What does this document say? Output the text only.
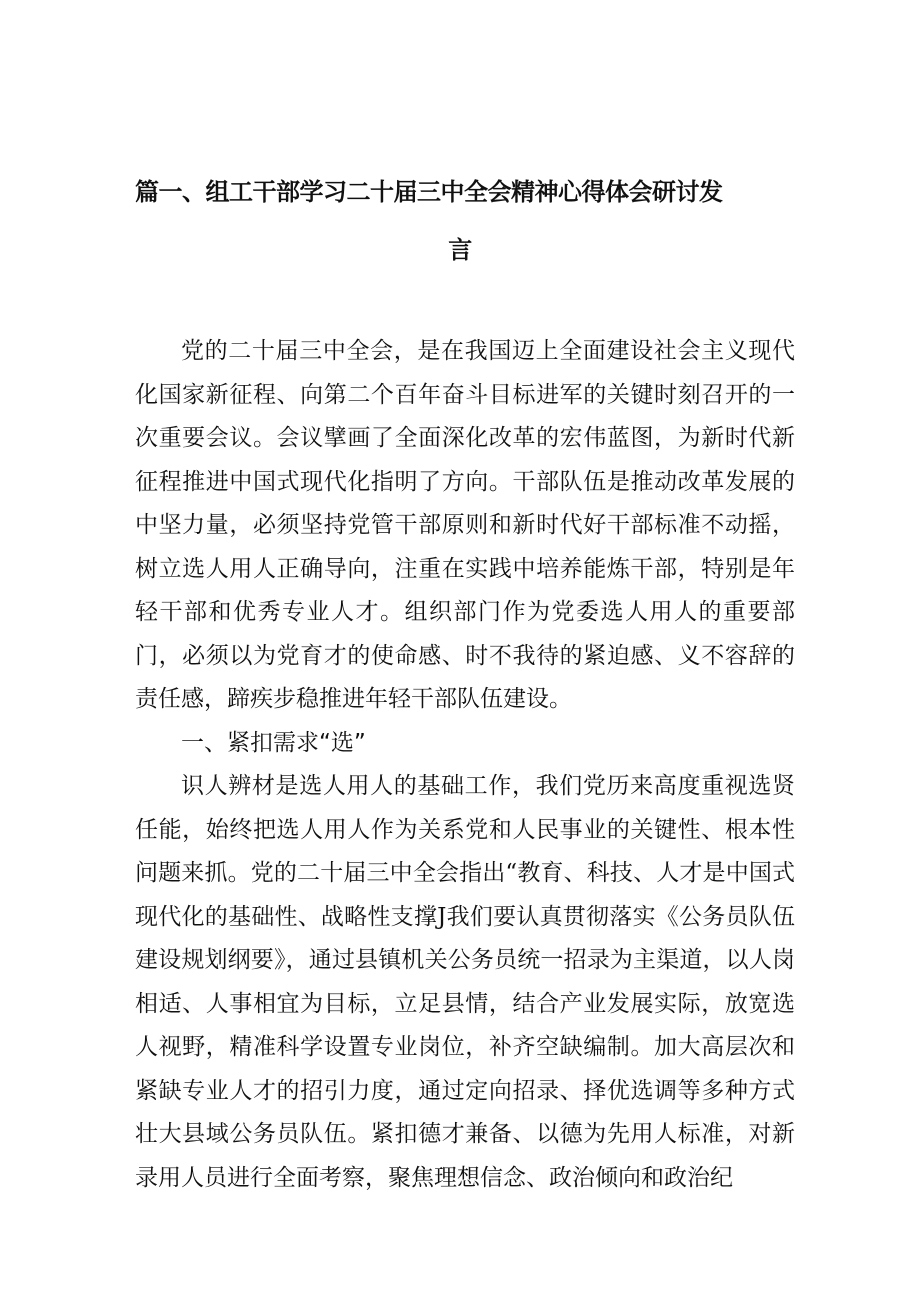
篇一、组工干部学习二十届三中全会精神心得体会研讨发
言

党的二十届三中全会，是在我国迈上全面建设社会主义现代化国家新征程、向第二个百年奋斗目标进军的关键时刻召开的一次重要会议。会议擘画了全面深化改革的宏伟蓝图，为新时代新征程推进中国式现代化指明了方向。干部队伍是推动改革发展的中坚力量，必须坚持党管干部原则和新时代好干部标准不动摇，树立选人用人正确导向，注重在实践中培养能炼干部，特别是年轻干部和优秀专业人才。组织部门作为党委选人用人的重要部门，必须以为党育才的使命感、时不我待的紧迫感、义不容辞的责任感，蹄疾步稳推进年轻干部队伍建设。

一、紧扣需求“选”

识人辨材是选人用人的基础工作，我们党历来高度重视选贤任能，始终把选人用人作为关系党和人民事业的关键性、根本性问题来抓。党的二十届三中全会指出“教育、科技、人才是中国式现代化的基础性、战略性支撑J我们要认真贯彻落实《公务员队伍建设规划纲要》，通过县镇机关公务员统一招录为主渠道，以人岗相适、人事相宜为目标，立足县情，结合产业发展实际，放宽选人视野，精准科学设置专业岗位，补齐空缺编制。加大高层次和紧缺专业人才的招引力度，通过定向招录、择优选调等多种方式壮大县域公务员队伍。紧扣德才兼备、以德为先用人标准，对新录用人员进行全面考察，聚焦理想信念、政治倾向和政治纪
